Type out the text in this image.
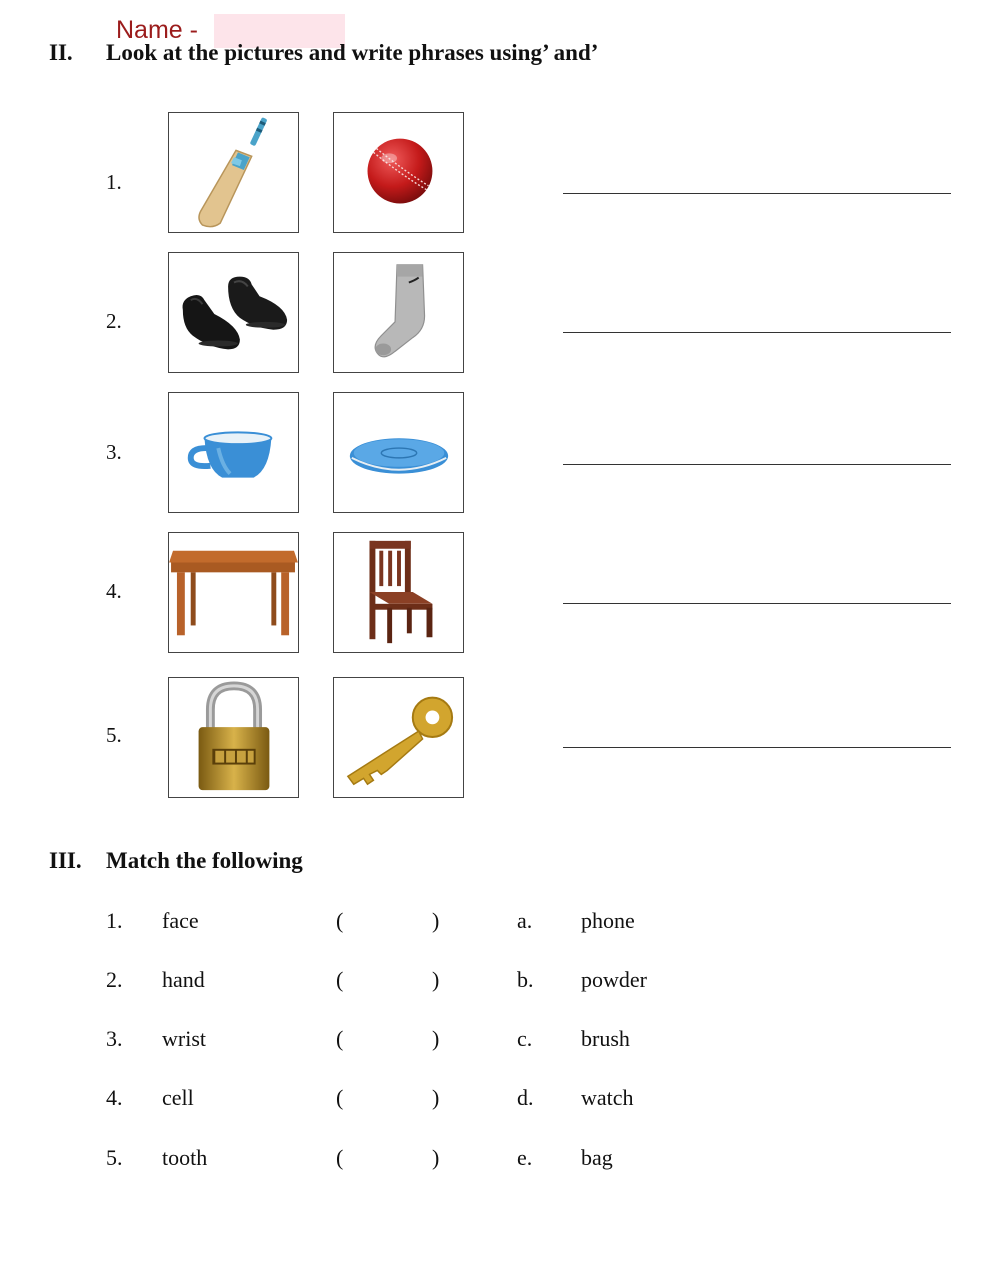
Name -
II. Look at the pictures and write phrases using’ and’
1.
2.
3.
4.
5.
III. Match the following
1. face	(	)	a. phone
2. hand	(	)	b. powder
3. wrist	(	)	c. brush
4. cell	(	)	d. watch
5. tooth	(	)	e. bag
